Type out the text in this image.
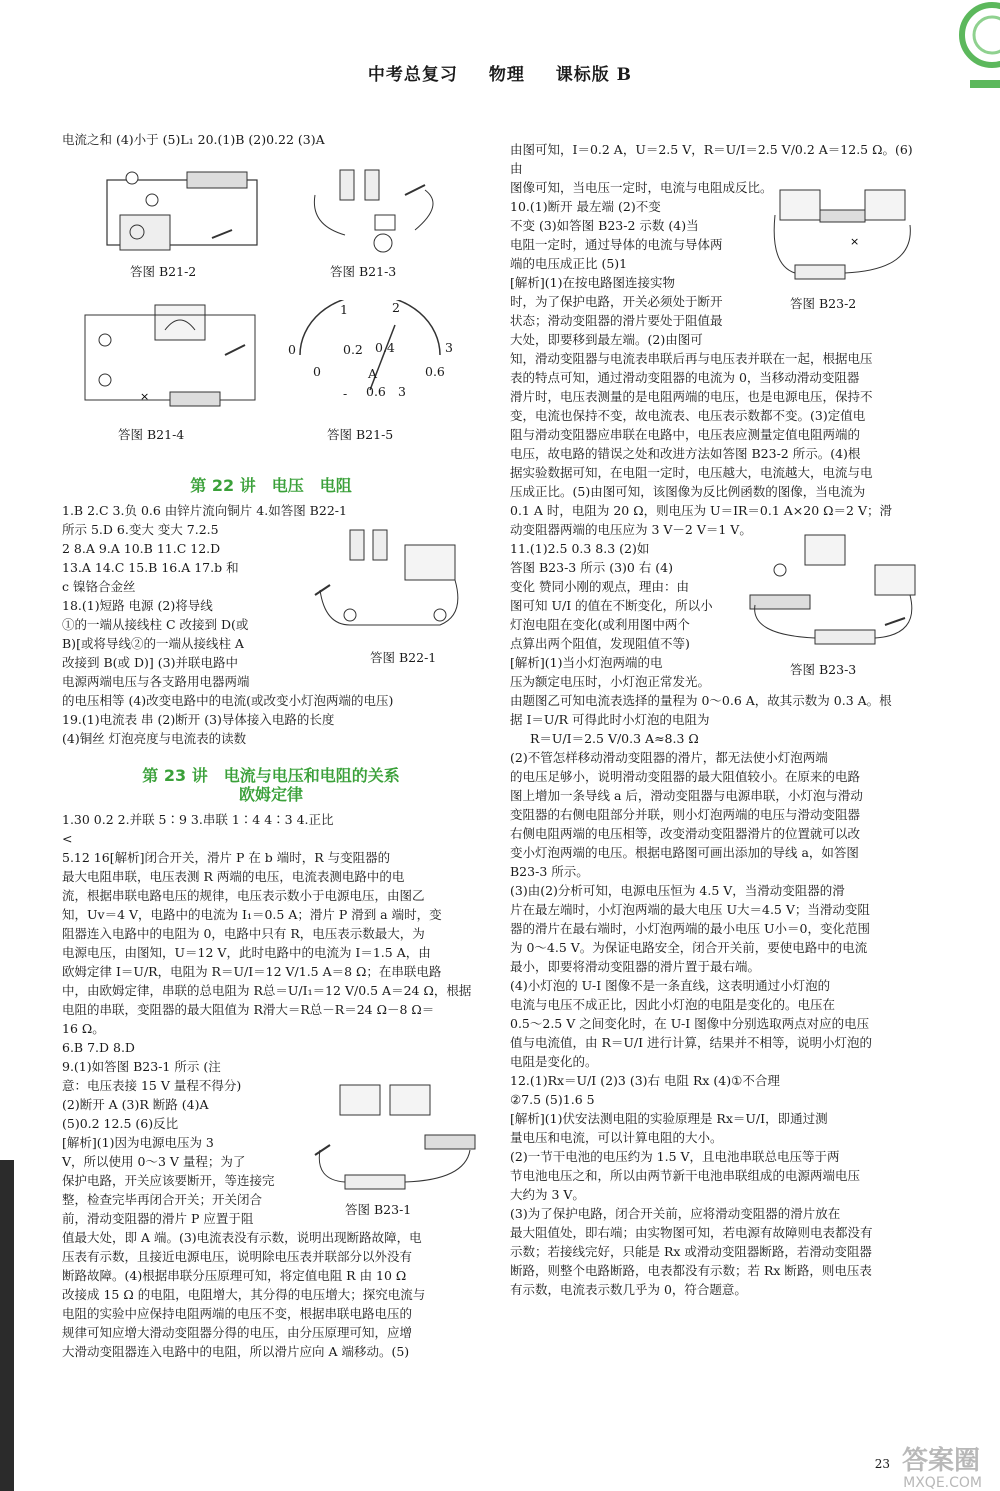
中考总复习 物理 课标版 B

电流之和 (4)小于 (5)L₁ 20.(1)B (2)0.22 (3)A

答图 B21-2	答图 B21-3
×
答图 B21-4
1	2
0	3
0.2 0.4
0	0.6
A
- 0.6 3
答图 B21-5
第 22 讲　电压　电阻

1.B 2.C 3.负 0.6 由锌片流向铜片 4.如答图 B22-1

所示 5.D 6.变大 变大 7.2.5

2 8.A 9.A 10.B 11.C 12.D

13.A 14.C 15.B 16.A 17.b 和

c 镍铬合金丝

18.(1)短路 电源 (2)将导线

①的一端从接线柱 C 改接到 D(或

B)[或将导线②的一端从接线柱 A

改接到 B(或 D)] (3)并联电路中

电源两端电压与各支路用电器两端

的电压相等 (4)改变电路中的电流(或改变小灯泡两端的电压)

19.(1)电流表 串 (2)断开 (3)导体接入电路的长度

(4)铜丝 灯泡亮度与电流表的读数

答图 B22-1
第 23 讲　电流与电压和电阻的关系
欧姆定律

1.30 0.2 2.并联 5∶9 3.串联 1∶4 4∶3 4.正比

<

5.12 16[解析]闭合开关，滑片 P 在 b 端时，R 与变阻器的

最大电阻串联，电压表测 R 两端的电压，电流表测电路中的电

流，根据串联电路电压的规律，电压表示数小于电源电压，由图乙

知，Uv＝4 V，电路中的电流为 I₁＝0.5 A；滑片 P 滑到 a 端时，变

阻器连入电路中的电阻为 0，电路中只有 R，电压表示数最大，为

电源电压，由图知，U＝12 V，此时电路中的电流为 I＝1.5 A，由

欧姆定律 I＝U/R，电阻为 R＝U/I＝12 V/1.5 A＝8 Ω；在串联电路

中，由欧姆定律，串联的总电阻为 R总＝U/I₁＝12 V/0.5 A＝24 Ω，根据

电阻的串联，变阻器的最大阻值为 R滑大＝R总－R＝24 Ω－8 Ω＝

16 Ω。

6.B 7.D 8.D

9.(1)如答图 B23-1 所示 (注

意：电压表接 15 V 量程不得分)

(2)断开 A (3)R 断路 (4)A

(5)0.2 12.5 (6)反比

[解析](1)因为电源电压为 3

V，所以使用 0～3 V 量程；为了

保护电路，开关应该要断开，等连接完

整，检查完毕再闭合开关；开关闭合

前，滑动变阻器的滑片 P 应置于阻

值最大处，即 A 端。(3)电流表没有示数，说明出现断路故障，电

压表有示数，且接近电源电压，说明除电压表并联部分以外没有

断路故障。(4)根据串联分压原理可知，将定值电阻 R 由 10 Ω

改接成 15 Ω 的电阻，电阻增大，其分得的电压增大；探究电流与

电阻的实验中应保持电阻两端的电压不变，根据串联电路电压的

规律可知应增大滑动变阻器分得的电压，由分压原理可知，应增

大滑动变阻器连入电路中的电阻，所以滑片应向 A 端移动。(5)

答图 B23-1

由图可知，I＝0.2 A，U＝2.5 V，R＝U/I＝2.5 V/0.2 A＝12.5 Ω。(6)由

图像可知，当电压一定时，电流与电阻成反比。

10.(1)断开 最左端 (2)不变

不变 (3)如答图 B23-2 示数 (4)当

电阻一定时，通过导体的电流与导体两

端的电压成正比 (5)1

[解析](1)在按电路图连接实物

时，为了保护电路，开关必须处于断开

状态；滑动变阻器的滑片要处于阻值最

大处，即要移到最左端。(2)由图可

知，滑动变阻器与电流表串联后再与电压表并联在一起，根据电压

表的特点可知，通过滑动变阻器的电流为 0，当移动滑动变阻器

滑片时，电压表测量的是电阻两端的电压，也是电源电压，保持不

变，电流也保持不变，故电流表、电压表示数都不变。(3)定值电

阻与滑动变阻器应串联在电路中，电压表应测量定值电阻两端的

电压，故电路的错误之处和改进方法如答图 B23-2 所示。(4)根

据实验数据可知，在电阻一定时，电压越大，电流越大，电流与电

压成正比。(5)由图可知，该图像为反比例函数的图像，当电流为

0.1 A 时，电阻为 20 Ω，则电压为 U＝IR＝0.1 A×20 Ω＝2 V；滑

动变阻器两端的电压应为 3 V－2 V＝1 V。

11.(1)2.5 0.3 8.3 (2)如

答图 B23-3 所示 (3)0 右 (4)

变化 赞同小刚的观点，理由：由

图可知 U/I 的值在不断变化，所以小

灯泡电阻在变化(或利用图中两个

点算出两个阻值，发现阻值不等)

[解析](1)当小灯泡两端的电

压为额定电压时，小灯泡正常发光。

由题图乙可知电流表选择的量程为 0～0.6 A，故其示数为 0.3 A。根

据 I＝U/R 可得此时小灯泡的电阻为

R＝U/I＝2.5 V/0.3 A≈8.3 Ω

(2)不管怎样移动滑动变阻器的滑片，都无法使小灯泡两端

的电压足够小，说明滑动变阻器的最大阻值较小。在原来的电路

图上增加一条导线 a 后，滑动变阻器与电源串联，小灯泡与滑动

变阻器的右侧电阻部分并联，则小灯泡两端的电压与滑动变阻器

右侧电阻两端的电压相等，改变滑动变阻器滑片的位置就可以改

变小灯泡两端的电压。根据电路图可画出添加的导线 a，如答图

B23-3 所示。

(3)由(2)分析可知，电源电压恒为 4.5 V，当滑动变阻器的滑

片在最左端时，小灯泡两端的最大电压 U大＝4.5 V；当滑动变阻

器的滑片在最右端时，小灯泡两端的最小电压 U小＝0，变化范围

为 0～4.5 V。为保证电路安全，闭合开关前，要使电路中的电流

最小，即要将滑动变阻器的滑片置于最右端。

(4)小灯泡的 U-I 图像不是一条直线，这表明通过小灯泡的

电流与电压不成正比，因此小灯泡的电阻是变化的。电压在

0.5～2.5 V 之间变化时，在 U-I 图像中分别选取两点对应的电压

值与电流值，由 R＝U/I 进行计算，结果并不相等，说明小灯泡的

电阻是变化的。

12.(1)Rx＝U/I (2)3 (3)右 电阻 Rx (4)①不合理

②7.5 (5)1.6 5

[解析](1)伏安法测电阻的实验原理是 Rx＝U/I，即通过测

量电压和电流，可以计算电阻的大小。

(2)一节干电池的电压约为 1.5 V，且电池串联总电压等于两

节电池电压之和，所以由两节新干电池串联组成的电源两端电压

大约为 3 V。

(3)为了保护电路，闭合开关前，应将滑动变阻器的滑片放在

最大阻值处，即右端；由实物图可知，若电源有故障则电表都没有

示数；若接线完好，只能是 Rx 或滑动变阻器断路，若滑动变阻器

断路，则整个电路断路，电表都没有示数；若 Rx 断路，则电压表

有示数，电流表示数几乎为 0，符合题意。

×
答图 B23-2
答图 B23-3
23 答案圈
MXQE.COM
